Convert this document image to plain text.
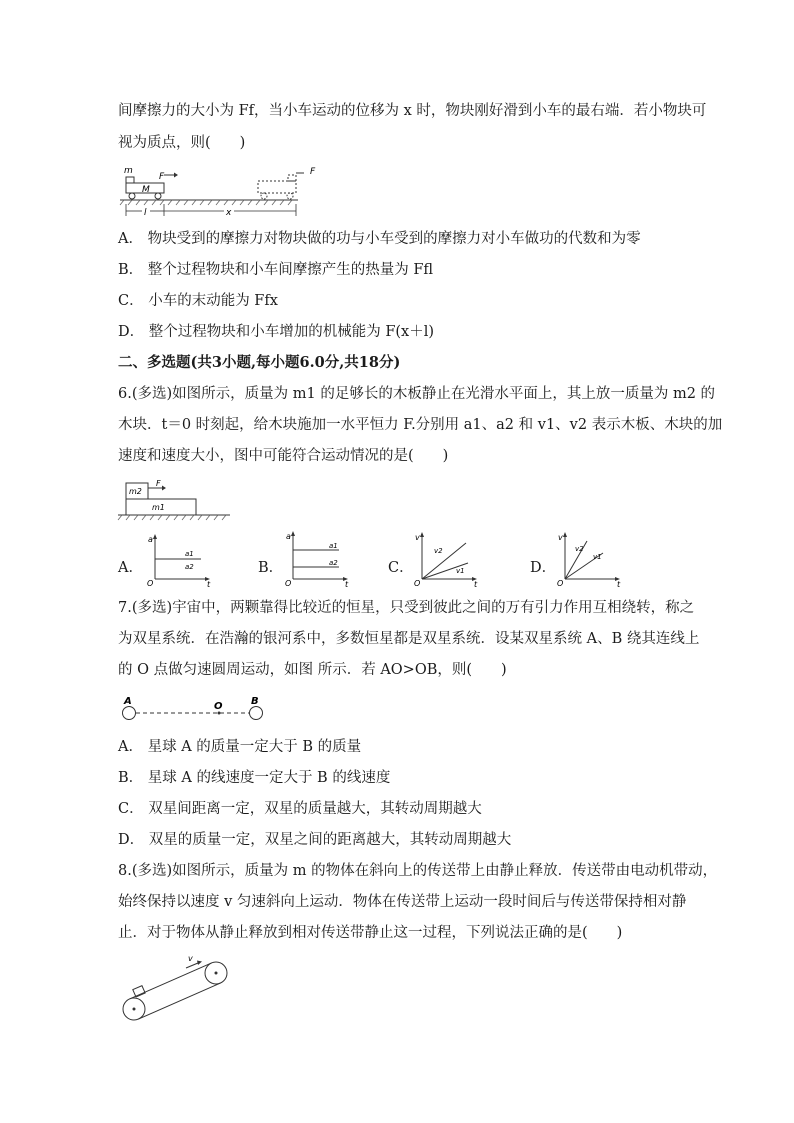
间摩擦力的大小为 Ff，当小车运动的位移为 x 时，物块刚好滑到小车的最右端．若小物块可
视为质点，则(　　)
m
M
F	F
l	x
A． 物块受到的摩擦力对物块做的功与小车受到的摩擦力对小车做功的代数和为零
B． 整个过程物块和小车间摩擦产生的热量为 Ffl
C． 小车的末动能为 Ffx
D． 整个过程物块和小车增加的机械能为 F(x＋l)
二、多选题(共3小题,每小题6.0分,共18分)
6.(多选)如图所示，质量为 m1 的足够长的木板静止在光滑水平面上，其上放一质量为 m2 的
木块．t＝0 时刻起，给木块施加一水平恒力 F.分别用 a1、a2 和 v1、v2 表示木板、木块的加
速度和速度大小，图中可能符合运动情况的是(　　)
m2
m1
F
A．
a
O	t
a1
a2	B．
a
O	t
a1
a2	C．
v
O	t
v2
v1	D．
v
O	t
v2
v1
7.(多选)宇宙中，两颗靠得比较近的恒星，只受到彼此之间的万有引力作用互相绕转，称之
为双星系统．在浩瀚的银河系中，多数恒星都是双星系统．设某双星系统 A、B 绕其连线上
的 O 点做匀速圆周运动，如图 所示．若 AO>OB，则(　　)
A	O	B
A． 星球 A 的质量一定大于 B 的质量
B． 星球 A 的线速度一定大于 B 的线速度
C． 双星间距离一定，双星的质量越大，其转动周期越大
D． 双星的质量一定，双星之间的距离越大，其转动周期越大
8.(多选)如图所示，质量为 m 的物体在斜向上的传送带上由静止释放．传送带由电动机带动，
始终保持以速度 v 匀速斜向上运动．物体在传送带上运动一段时间后与传送带保持相对静
止．对于物体从静止释放到相对传送带静止这一过程，下列说法正确的是(　　)
v
